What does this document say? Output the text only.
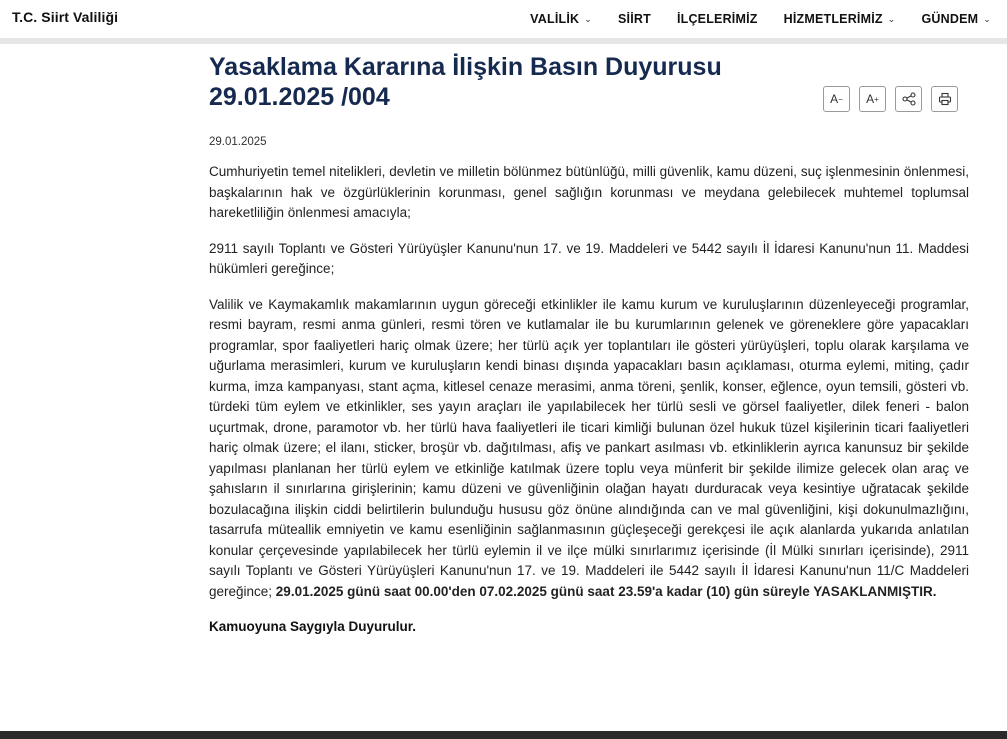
T.C. Siirt Valiliği	VALİLİK ⌄ SİİRT İLÇELERİMİZ HİZMETLERİMİZ ⌄ GÜNDEM ⌄
Yasaklama Kararına İlişkin Basın Duyurusu
29.01.2025 /004	A − A +
29.01.2025

Cumhuriyetin temel nitelikleri, devletin ve milletin bölünmez bütünlüğü, milli güvenlik, kamu düzeni, suç işlenmesinin önlenmesi, başkalarının hak ve özgürlüklerinin korunması, genel sağlığın korunması ve meydana gelebilecek muhtemel toplumsal hareketliliğin önlenmesi amacıyla;

2911 sayılı Toplantı ve Gösteri Yürüyüşler Kanunu'nun 17. ve 19. Maddeleri ve 5442 sayılı İl İdaresi Kanunu'nun 11. Maddesi hükümleri gereğince;

Valilik ve Kaymakamlık makamlarının uygun göreceği etkinlikler ile kamu kurum ve kuruluşlarının düzenleyeceği programlar, resmi bayram, resmi anma günleri, resmi tören ve kutlamalar ile bu kurumlarının gelenek ve göreneklere göre yapacakları programlar, spor faaliyetleri hariç olmak üzere; her türlü açık yer toplantıları ile gösteri yürüyüşleri, toplu olarak karşılama ve uğurlama merasimleri, kurum ve kuruluşların kendi binası dışında yapacakları basın açıklaması, oturma eylemi, miting, çadır kurma, imza kampanyası, stant açma, kitlesel cenaze merasimi, anma töreni, şenlik, konser, eğlence, oyun temsili, gösteri vb. türdeki tüm eylem ve etkinlikler, ses yayın araçları ile yapılabilecek her türlü sesli ve görsel faaliyetler, dilek feneri - balon uçurtmak, drone, paramotor vb. her türlü hava faaliyetleri ile ticari kimliği bulunan özel hukuk tüzel kişilerinin ticari faaliyetleri hariç olmak üzere; el ilanı, sticker, broşür vb. dağıtılması, afiş ve pankart asılması vb. etkinliklerin ayrıca kanunsuz bir şekilde yapılması planlanan her türlü eylem ve etkinliğe katılmak üzere toplu veya münferit bir şekilde ilimize gelecek olan araç ve şahısların il sınırlarına girişlerinin; kamu düzeni ve güvenliğinin olağan hayatı durduracak veya kesintiye uğratacak şekilde bozulacağına ilişkin ciddi belirtilerin bulunduğu hususu göz önüne alındığında can ve mal güvenliğini, kişi dokunulmazlığını, tasarrufa müteallik emniyetin ve kamu esenliğinin sağlanmasının güçleşeceği gerekçesi ile açık alanlarda yukarıda anlatılan konular çerçevesinde yapılabilecek her türlü eylemin il ve ilçe mülki sınırlarımız içerisinde (İl Mülki sınırları içerisinde), 2911 sayılı Toplantı ve Gösteri Yürüyüşleri Kanunu'nun 17. ve 19. Maddeleri ile 5442 sayılı İl İdaresi Kanunu'nun 11/C Maddeleri gereğince; 29.01.2025 günü saat 00.00'den 07.02.2025 günü saat 23.59'a kadar (10) gün süreyle YASAKLANMIŞTIR.

Kamuoyuna Saygıyla Duyurulur.
